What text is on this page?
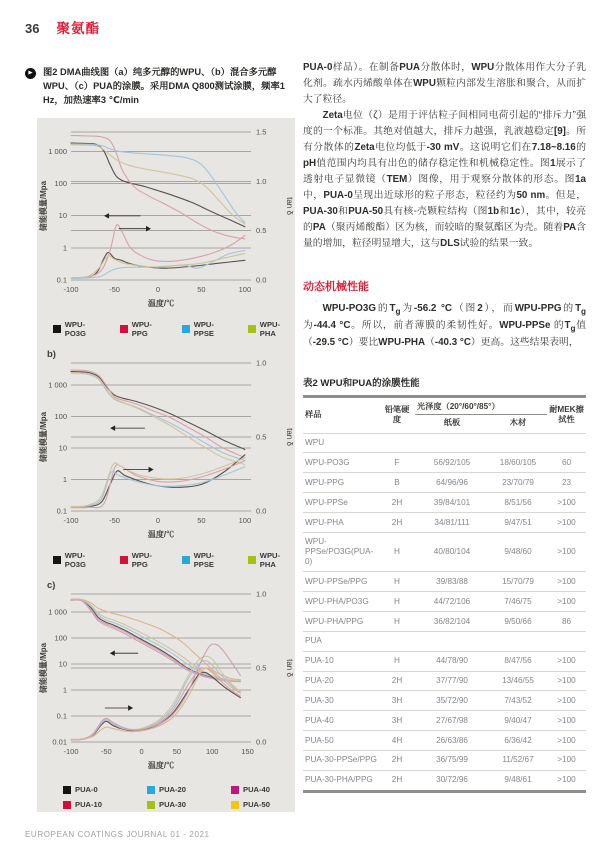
36 聚氨酯
▶	图2 DMA曲线图（a）纯多元醇的WPU、（b）混合多元醇WPU、（c）PUA的涂膜。采用DMA Q800测试涂膜，频率1 Hz，加热速率3 ℃/min
1 000
100
10
1
0.1
1.5
1.0
0.5
0.0
-100	-50	0	50	100
温度/℃
储能模量/Mpa	tan δ
WPU-PO3G
WPU-PPG
WPU-PPSE
WPU-PHA
b)
1 000
100
10
1
0.1
1.0
0.5
0.0
-100	-50	0	50	100
温度/℃
储能模量/Mpa	tan δ
WPU-PO3G
WPU-PPG
WPU-PPSE
WPU-PHA
c)
1 000
100
10
1
0.1
0.01
1.0
0.5
0.0
-100	-50	0	50	100	150
温度/℃
储能模量/Mpa	tan δ
PUA-0
PUA-10
PUA-20
PUA-30
PUA-40
PUA-50
EUROPEAN COATINGS JOURNAL 01 - 2021

PUA-0样品）。在制备PUA分散体时，WPU分散体用作大分子乳化剂。疏水丙烯酸单体在WPU颗粒内部发生溶胀和聚合，从而扩大了粒径。

Zeta电位（ζ）是用于评估粒子间相同电荷引起的“排斥力”强度的一个标准。其绝对值越大，排斥力越强，乳液越稳定[9]。所有分散体的Zeta电位均低于-30 mV。这说明它们在7.18~8.16的pH值范围内均具有出色的储存稳定性和机械稳定性。图1展示了透射电子显微镜（TEM）图像，用于观察分散体的形态。图1a中，PUA-0呈现出近球形的粒子形态，粒径约为50 nm。但是，PUA-30和PUA-50具有核-壳颗粒结构（图1b和1c），其中，较亮的PA（聚丙烯酸酯）区为核，而较暗的聚氨酯区为壳。随着PA含量的增加，粒径明显增大，这与DLS试验的结果一致。

动态机械性能

WPU-PO3G的$T_g$为-56.2 °C（图2），而WPU-PPG的$T_g$为-44.4 °C。所以，前者薄膜的柔韧性好。WPU-PPSe 的$T_g$值（-29.5 °C）要比WPU-PHA（-40.3 °C）更高。这些结果表明，

表2 WPU和PUA的涂膜性能
样品	铅笔硬度	光泽度（20°/60°/85°）		耐MEK擦拭性
		纸板	木材	
WPU				
WPU-PO3G	F	56/92/105	18/60/105	60
WPU-PPG	B	64/96/96	23/70/79	23
WPU-PPSe	2H	39/84/101	8/51/56	>100
WPU-PHA	2H	34/81/111	9/47/51	>100
WPU-PPSe/PO3G(PUA-0)	H	40/80/104	9/48/60	>100
WPU-PPSe/PPG	H	39/83/88	15/70/79	>100
WPU-PHA/PO3G	H	44/72/106	7/46/75	>100
WPU-PHA/PPG	H	36/82/104	9/50/66	86
PUA				
PUA-10	H	44/78/90	8/47/56	>100
PUA-20	2H	37/77/90	13/46/55	>100
PUA-30	3H	35/72/90	7/43/52	>100
PUA-40	3H	27/67/98	9/40/47	>100
PUA-50	4H	26/63/86	6/36/42	>100
PUA-30-PPSe/PPG	2H	36/75/99	11/52/67	>100
PUA-30-PHA/PPG	2H	30/72/96	9/48/61	>100
